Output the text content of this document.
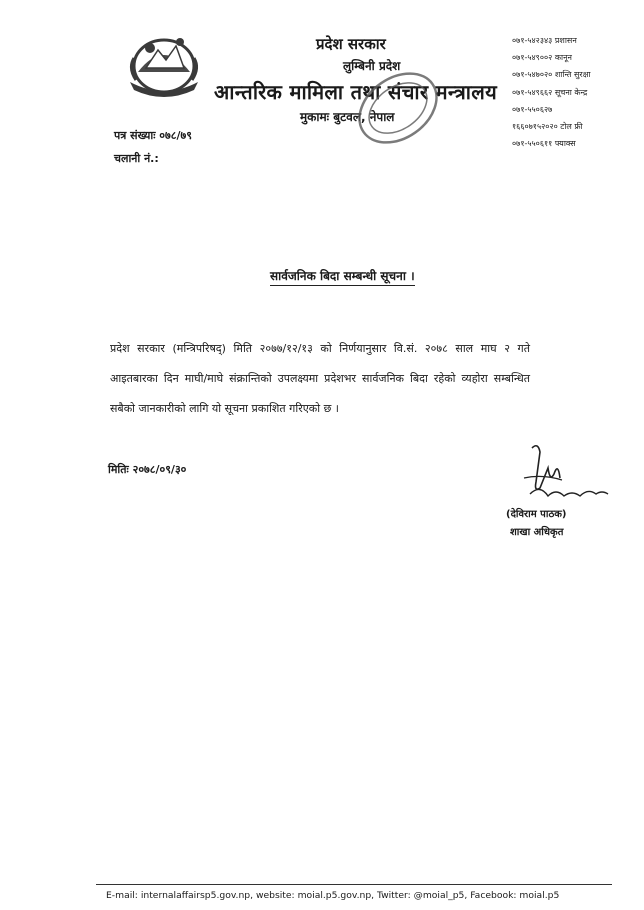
प्रदेश सरकार
लुम्बिनी प्रदेश
आन्तरिक मामिला तथा संचार मन्त्रालय
मुकामः बुटवल, नेपाल
०७१-५४२३४३ प्रशासन
०७१-५४९००२ कानून
०७१-५४७०२० शान्ति सुरक्षा
०७१-५४९६६२ सूचना केन्द्र
०७१-५५०६२७
१६६०७१५२०२० टोल फ्री
०७१-५५०६११ फ्याक्स
पत्र संख्याः ०७८/७९
चलानी नं.:
सार्वजनिक बिदा सम्बन्धी सूचना ।
प्रदेश सरकार (मन्त्रिपरिषद्) मिति २०७७/१२/१३ को निर्णयानुसार वि.सं. २०७८ साल माघ २ गते आइतबारका दिन माघी/माघे संक्रान्तिको उपलक्ष्यमा प्रदेशभर सार्वजनिक बिदा रहेको व्यहोरा सम्बन्धित सबैको जानकारीको लागि यो सूचना प्रकाशित गरिएको छ ।
मितिः २०७८/०९/३०
(देविराम पाठक)
शाखा अधिकृत
E-mail: internalaffairsp5.gov.np, website: moial.p5.gov.np, Twitter: @moial_p5, Facebook: moial.p5
